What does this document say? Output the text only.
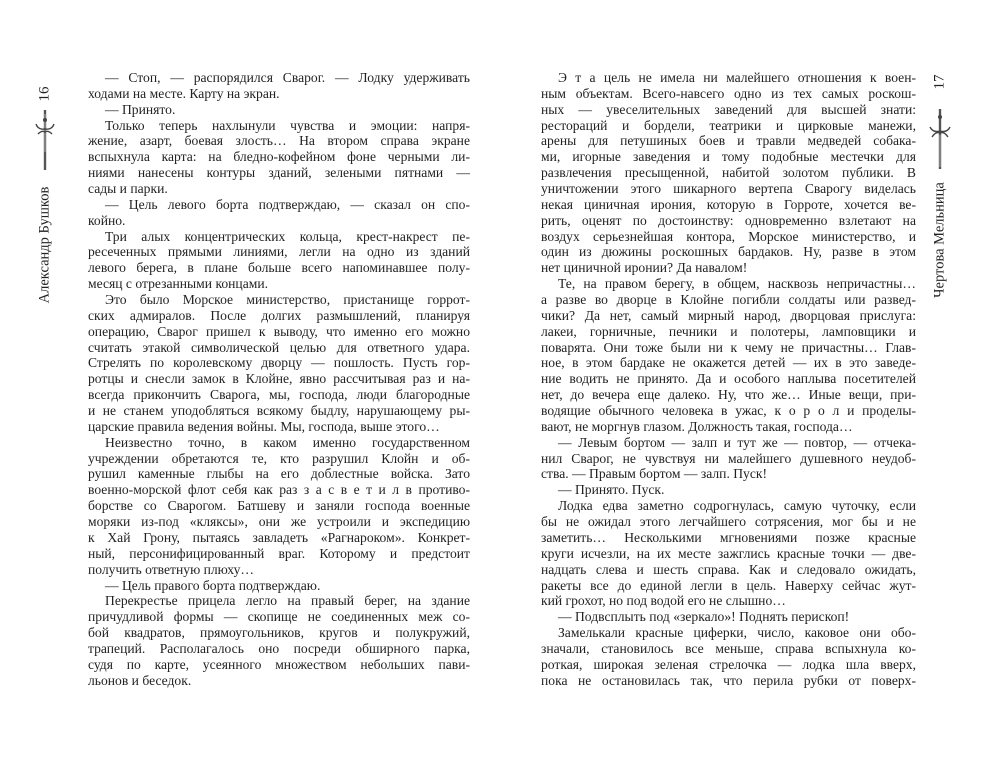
16
Александр Бушков
17
Чертова Мельница
— Стоп, — распорядился Сварог. — Лодку удерживать
ходами на месте. Карту на экран.
— Принято.
Только теперь нахлынули чувства и эмоции: напря-
жение, азарт, боевая злость… На втором справа экране
вспыхнула карта: на бледно-кофейном фоне черными ли-
ниями нанесены контуры зданий, зелеными пятнами —
сады и парки.
— Цель левого борта подтверждаю, — сказал он спо-
койно.
Три алых концентрических кольца, крест-накрест пе-
ресеченных прямыми линиями, легли на одно из зданий
левого берега, в плане больше всего напоминавшее полу-
месяц с отрезанными концами.
Это было Морское министерство, пристанище горрот-
ских адмиралов. После долгих размышлений, планируя
операцию, Сварог пришел к выводу, что именно его можно
считать этакой символической целью для ответного удара.
Стрелять по королевскому дворцу — пошлость. Пусть гор-
ротцы и снесли замок в Клойне, явно рассчитывая раз и на-
всегда прикончить Сварога, мы, господа, люди благородные
и не станем уподобляться всякому быдлу, нарушающему ры-
царские правила ведения войны. Мы, господа, выше этого…
Неизвестно точно, в каком именно государственном
учреждении обретаются те, кто разрушил Клойн и об-
рушил каменные глыбы на его доблестные войска. Зато
военно-морской флот себя как раз з а с в е т и л в противо-
борстве со Сварогом. Батшеву и заняли господа военные
моряки из-под «кляксы», они же устроили и экспедицию
к Хай Грону, пытаясь завладеть «Рагнароком». Конкрет-
ный, персонифицированный враг. Которому и предстоит
получить ответную плюху…
— Цель правого борта подтверждаю.
Перекрестье прицела легло на правый берег, на здание
причудливой формы — скопище не соединенных меж со-
бой квадратов, прямоугольников, кругов и полукружий,
трапеций. Располагалось оно посреди обширного парка,
судя по карте, усеянного множеством небольших пави-
льонов и беседок.
Э т а цель не имела ни малейшего отношения к воен-
ным объектам. Всего-навсего одно из тех самых роскош-
ных — увеселительных заведений для высшей знати:
рестораций и бордели, театрики и цирковые манежи,
арены для петушиных боев и травли медведей собака-
ми, игорные заведения и тому подобные местечки для
развлечения пресыщенной, набитой золотом публики. В
уничтожении этого шикарного вертепа Сварогу виделась
некая циничная ирония, которую в Горроте, хочется ве-
рить, оценят по достоинству: одновременно взлетают на
воздух серьезнейшая контора, Морское министерство, и
один из дюжины роскошных бардаков. Ну, разве в этом
нет циничной иронии? Да навалом!
Те, на правом берегу, в общем, насквозь непричастны…
а разве во дворце в Клойне погибли солдаты или развед-
чики? Да нет, самый мирный народ, дворцовая прислуга:
лакеи, горничные, печники и полотеры, ламповщики и
поварята. Они тоже были ни к чему не причастны… Глав-
ное, в этом бардаке не окажется детей — их в это заведе-
ние водить не принято. Да и особого наплыва посетителей
нет, до вечера еще далеко. Ну, что же… Иные вещи, при-
водящие обычного человека в ужас, к о р о л и проделы-
вают, не моргнув глазом. Должность такая, господа…
— Левым бортом — залп и тут же — повтор, — отчека-
нил Сварог, не чувствуя ни малейшего душевного неудоб-
ства. — Правым бортом — залп. Пуск!
— Принято. Пуск.
Лодка едва заметно содрогнулась, самую чуточку, если
бы не ожидал этого легчайшего сотрясения, мог бы и не
заметить… Несколькими мгновениями позже красные
круги исчезли, на их месте зажглись красные точки — две-
надцать слева и шесть справа. Как и следовало ожидать,
ракеты все до единой легли в цель. Наверху сейчас жут-
кий грохот, но под водой его не слышно…
— Подвсплыть под «зеркало»! Поднять перископ!
Замелькали красные циферки, число, каковое они обо-
значали, становилось все меньше, справа вспыхнула ко-
роткая, широкая зеленая стрелочка — лодка шла вверх,
пока не остановилась так, что перила рубки от поверх-
